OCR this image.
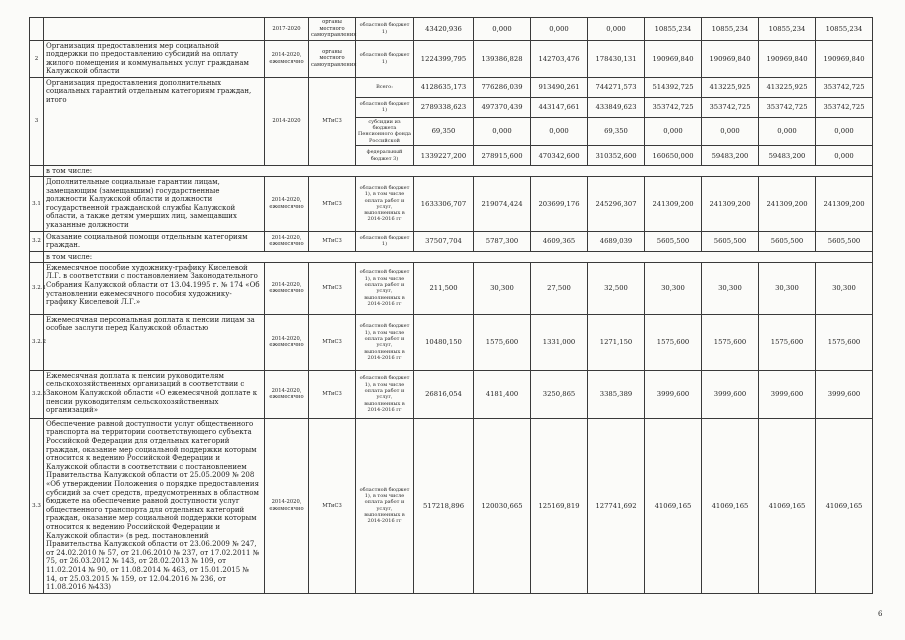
		2017-2020	органы местного самоуправления	областной бюджет 1)	43420,936	0,000	0,000	0,000	10855,234	10855,234	10855,234	10855,234
2	Организация предоставления мер социальной поддержки по предоставлению субсидий на оплату жилого помещения и коммунальных услуг гражданам Калужской области	2014-2020, ежемесячно	органы местного самоуправления	областной бюджет 1)	1224399,795	139386,828	142703,476	178430,131	190969,840	190969,840	190969,840	190969,840
3	Организация предоставления дополнительных социальных гарантий отдельным категориям граждан, итого	2014-2020	МТиСЗ	Всего:	4128635,173	776286,039	913490,261	744271,573	514392,725	413225,925	413225,925	353742,725
				областной бюджет 1)	2789338,623	497370,439	443147,661	433849,623	353742,725	353742,725	353742,725	353742,725
				субсидии из бюджета Пенсионного фонда Российской	69,350	0,000	0,000	69,350	0,000	0,000	0,000	0,000
				федеральный бюджет 3)	1339227,200	278915,600	470342,600	310352,600	160650,000	59483,200	59483,200	0,000
	в том числе:											
3.1	Дополнительные социальные гарантии лицам, замещающим (замещавшим) государственные должности Калужской области и должности государственной гражданской службы Калужской области, а также детям умерших лиц, замещавших указанные должности	2014-2020, ежемесячно	МТиСЗ	областной бюджет 1), в том числе оплата работ и услуг, выполненных в 2014-2016 гг	1633306,707	219074,424	203699,176	245296,307	241309,200	241309,200	241309,200	241309,200
3.2	Оказание социальной помощи отдельным категориям граждан.	2014-2020, ежемесячно	МТиСЗ	областной бюджет 1)	37507,704	5787,300	4609,365	4689,039	5605,500	5605,500	5605,500	5605,500
	в том числе:											
3.2.1	Ежемесячное пособие художнику-графику Киселевой Л.Г. в соответствии с постановлением Законодательного Собрания Калужской области от 13.04.1995 г. № 174 «Об установлении ежемесячного пособия художнику-графику Киселевой Л.Г.»	2014-2020, ежемесячно	МТиСЗ	областной бюджет 1), в том числе оплата работ и услуг, выполненных в 2014-2016 гг	211,500	30,300	27,500	32,500	30,300	30,300	30,300	30,300
3.2.2	Ежемесячная персональная доплата к пенсии лицам за особые заслуги перед Калужской областью	2014-2020, ежемесячно	МТиСЗ	областной бюджет 1), в том числе оплата работ и услуг, выполненных в 2014-2016 гг	10480,150	1575,600	1331,000	1271,150	1575,600	1575,600	1575,600	1575,600
3.2.3	Ежемесячная доплата к пенсии руководителям сельскохозяйственных организаций в соответствии с Законом Калужской области «О ежемесячной доплате к пенсии руководителям сельскохозяйственных организаций»	2014-2020, ежемесячно	МТиСЗ	областной бюджет 1), в том числе оплата работ и услуг, выполненных в 2014-2016 гг	26816,054	4181,400	3250,865	3385,389	3999,600	3999,600	3999,600	3999,600
3.3	Обеспечение равной доступности услуг общественного транспорта на территории соответствующего субъекта Российской Федерации для отдельных категорий граждан, оказание мер социальной поддержки которым относится к ведению Российской Федерации и Калужской области в соответствии с постановлением Правительства Калужской области от 25.05.2009 № 208 «Об утверждении Положения о порядке предоставления субсидий за счет средств, предусмотренных в областном бюджете на обеспечение равной доступности услуг общественного транспорта для отдельных категорий граждан, оказание мер социальной поддержки которым относится к ведению Российской Федерации и Калужской области» (в ред. постановлений Правительства Калужской области от 23.06.2009 № 247, от 24.02.2010 № 57, от 21.06.2010 № 237, от 17.02.2011 № 75, от 26.03.2012 № 143, от 28.02.2013 № 109, от 11.02.2014 № 90, от 11.08.2014 № 463, от 15.01.2015 № 14, от 25.03.2015 № 159, от 12.04.2016 № 236, от 11.08.2016 №433)	2014-2020, ежемесячно	МТиСЗ	областной бюджет 1), в том числе оплата работ и услуг, выполненных в 2014-2016 гг	517218,896	120030,665	125169,819	127741,692	41069,165	41069,165	41069,165	41069,165
6
